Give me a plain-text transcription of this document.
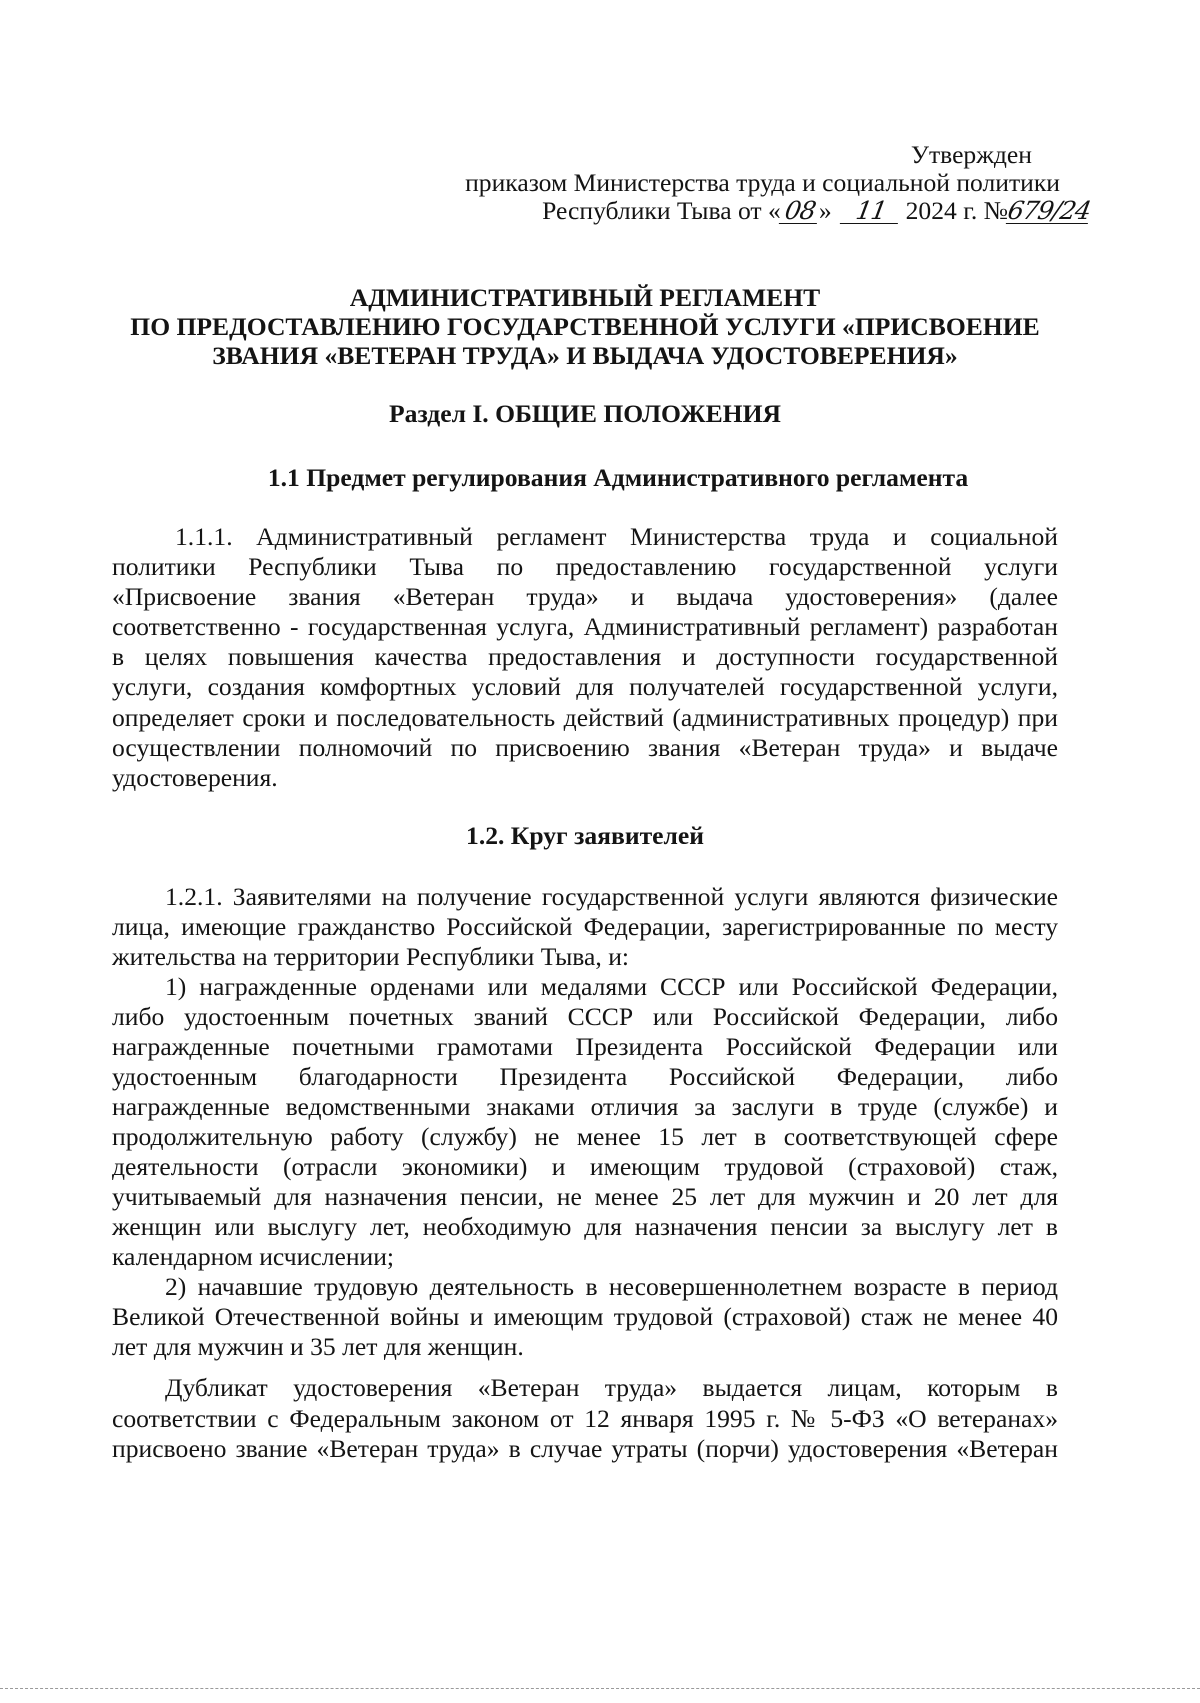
Утвержден
приказом Министерства труда и социальной политики
Республики Тыва от «08» 11 2024 г. №679/24
АДМИНИСТРАТИВНЫЙ РЕГЛАМЕНТ
ПО ПРЕДОСТАВЛЕНИЮ ГОСУДАРСТВЕННОЙ УСЛУГИ «ПРИСВОЕНИЕ
ЗВАНИЯ «ВЕТЕРАН ТРУДА» И ВЫДАЧА УДОСТОВЕРЕНИЯ»
Раздел I. ОБЩИЕ ПОЛОЖЕНИЯ
1.1 Предмет регулирования Административного регламента
1.1.1. Административный регламент Министерства труда и социальной
политики Республики Тыва по предоставлению государственной услуги
«Присвоение звания «Ветеран труда» и выдача удостоверения» (далее
соответственно - государственная услуга, Административный регламент) разработан
в целях повышения качества предоставления и доступности государственной
услуги, создания комфортных условий для получателей государственной услуги,
определяет сроки и последовательность действий (административных процедур) при
осуществлении полномочий по присвоению звания «Ветеран труда» и выдаче
удостоверения.
1.2. Круг заявителей
1.2.1. Заявителями на получение государственной услуги являются физические
лица, имеющие гражданство Российской Федерации, зарегистрированные по месту
жительства на территории Республики Тыва, и:
1) награжденные орденами или медалями СССР или Российской Федерации,
либо удостоенным почетных званий СССР или Российской Федерации, либо
награжденные почетными грамотами Президента Российской Федерации или
удостоенным благодарности Президента Российской Федерации, либо
награжденные ведомственными знаками отличия за заслуги в труде (службе) и
продолжительную работу (службу) не менее 15 лет в соответствующей сфере
деятельности (отрасли экономики) и имеющим трудовой (страховой) стаж,
учитываемый для назначения пенсии, не менее 25 лет для мужчин и 20 лет для
женщин или выслугу лет, необходимую для назначения пенсии за выслугу лет в
календарном исчислении;
2) начавшие трудовую деятельность в несовершеннолетнем возрасте в период
Великой Отечественной войны и имеющим трудовой (страховой) стаж не менее 40
лет для мужчин и 35 лет для женщин.
Дубликат удостоверения «Ветеран труда» выдается лицам, которым в
соответствии с Федеральным законом от 12 января 1995 г. № 5-ФЗ «О ветеранах»
присвоено звание «Ветеран труда» в случае утраты (порчи) удостоверения «Ветеран
